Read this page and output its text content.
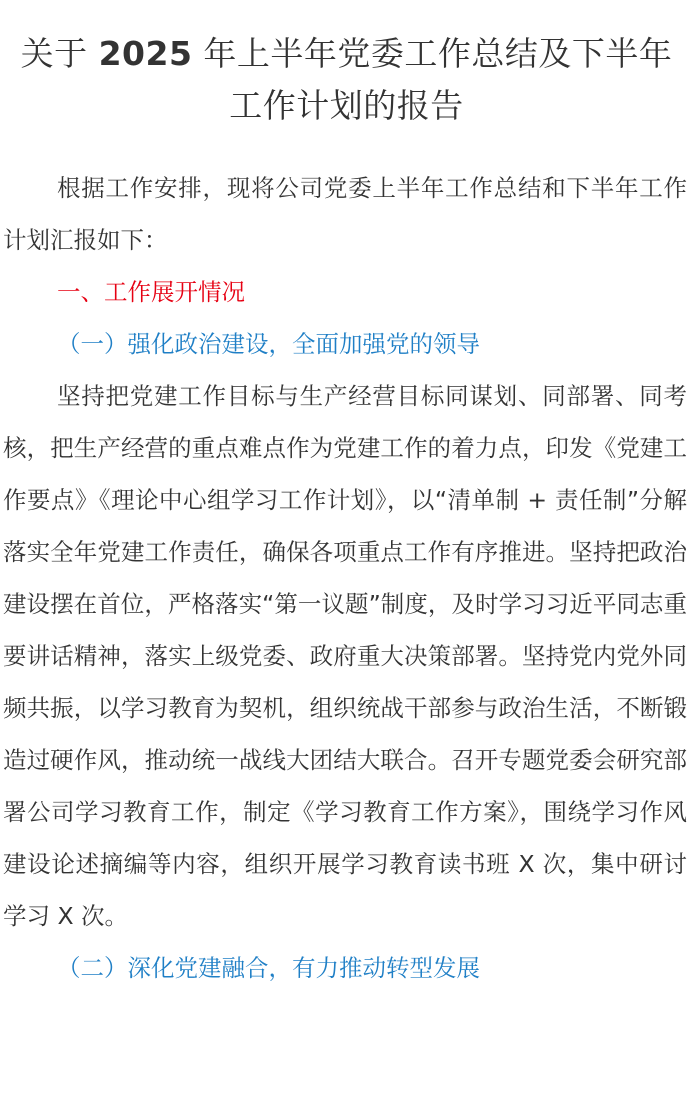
关于 2025 年上半年党委工作总结及下半年
工作计划的报告

根据工作安排，现将公司党委上半年工作总结和下半年工作计划汇报如下：

一、工作展开情况

（一）强化政治建设，全面加强党的领导

坚持把党建工作目标与生产经营目标同谋划、同部署、同考核，把生产经营的重点难点作为党建工作的着力点，印发《党建工作要点》《理论中心组学习工作计划》，以“清单制 + 责任制”分解落实全年党建工作责任，确保各项重点工作有序推进。坚持把政治建设摆在首位，严格落实“第一议题”制度，及时学习习近平同志重要讲话精神，落实上级党委、政府重大决策部署。坚持党内党外同频共振，以学习教育为契机，组织统战干部参与政治生活，不断锻造过硬作风，推动统一战线大团结大联合。召开专题党委会研究部署公司学习教育工作，制定《学习教育工作方案》，围绕学习作风建设论述摘编等内容，组织开展学习教育读书班 X 次，集中研讨学习 X 次。

（二）深化党建融合，有力推动转型发展
